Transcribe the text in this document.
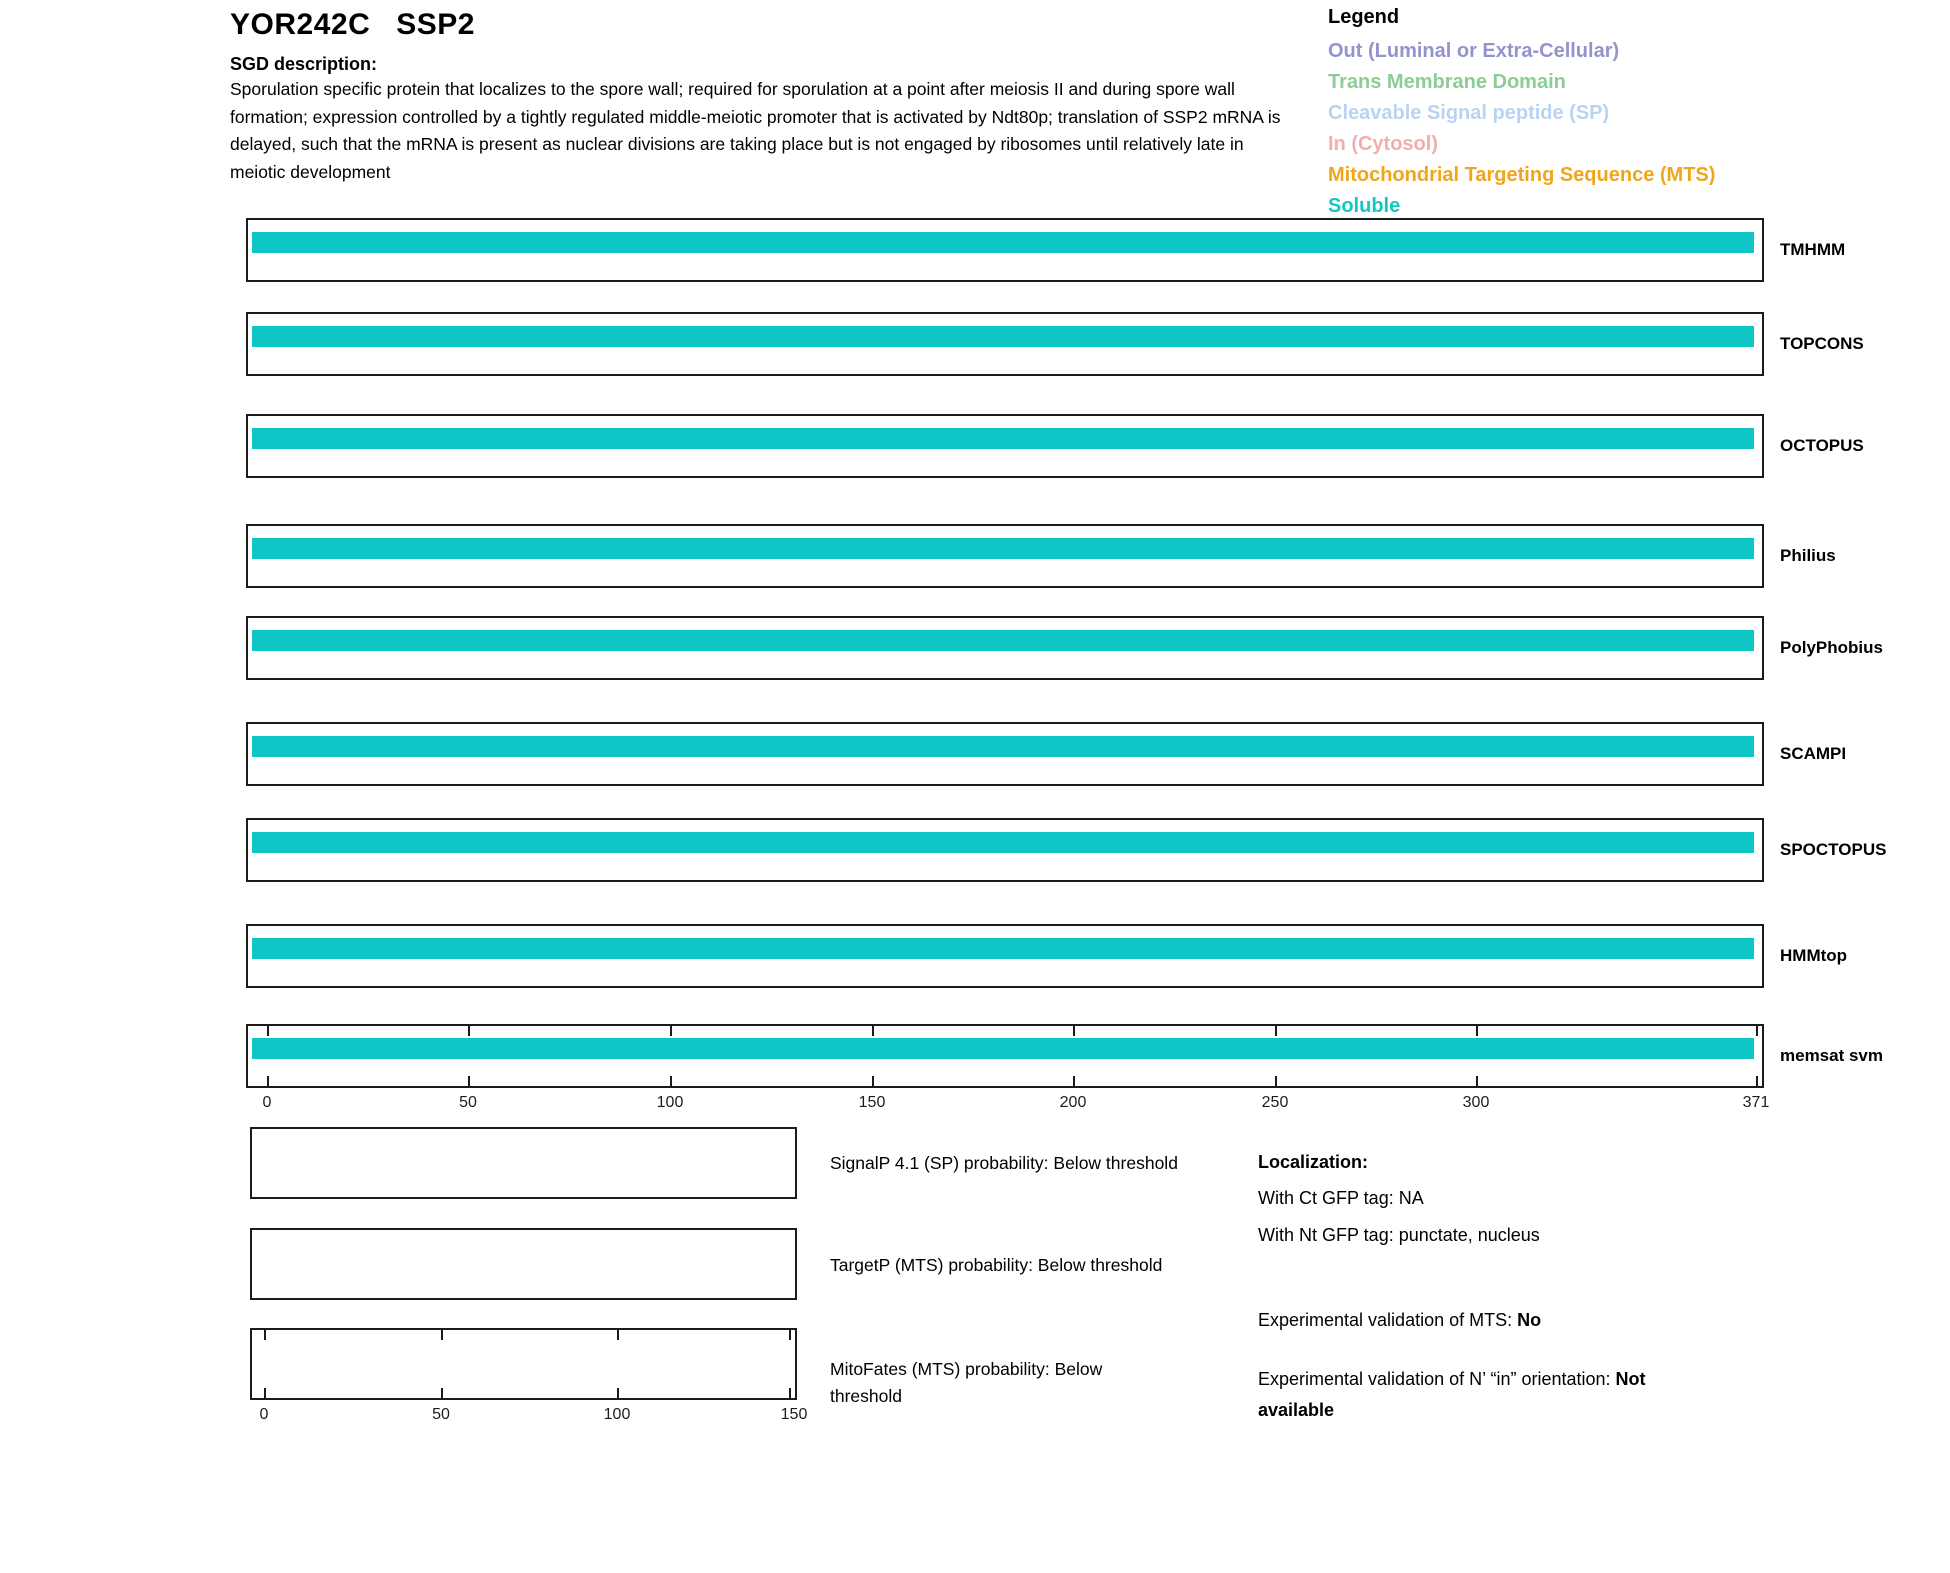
YOR242C SSP2
SGD description:
Sporulation specific protein that localizes to the spore wall; required for sporulation at a point after meiosis II and during spore wall formation; expression controlled by a tightly regulated middle-meiotic promoter that is activated by Ndt80p; translation of SSP2 mRNA is delayed, such that the mRNA is present as nuclear divisions are taking place but is not engaged by ribosomes until relatively late in meiotic development
Legend
Out (Luminal or Extra-Cellular)
Trans Membrane Domain
Cleavable Signal peptide (SP)
In (Cytosol)
Mitochondrial Targeting Sequence (MTS)
Soluble
TMHMM
TOPCONS
OCTOPUS
Philius
PolyPhobius
SCAMPI
SPOCTOPUS
HMMtop
memsat svm
0	50	100	150	200	250	300	371
SignalP 4.1 (SP) probability: Below threshold
TargetP (MTS) probability: Below threshold
MitoFates (MTS) probability: Below threshold
0	50	100	150
Localization:
With Ct GFP tag: NA
With Nt GFP tag: punctate, nucleus
Experimental validation of MTS: No
Experimental validation of N’ “in” orientation: Not available
